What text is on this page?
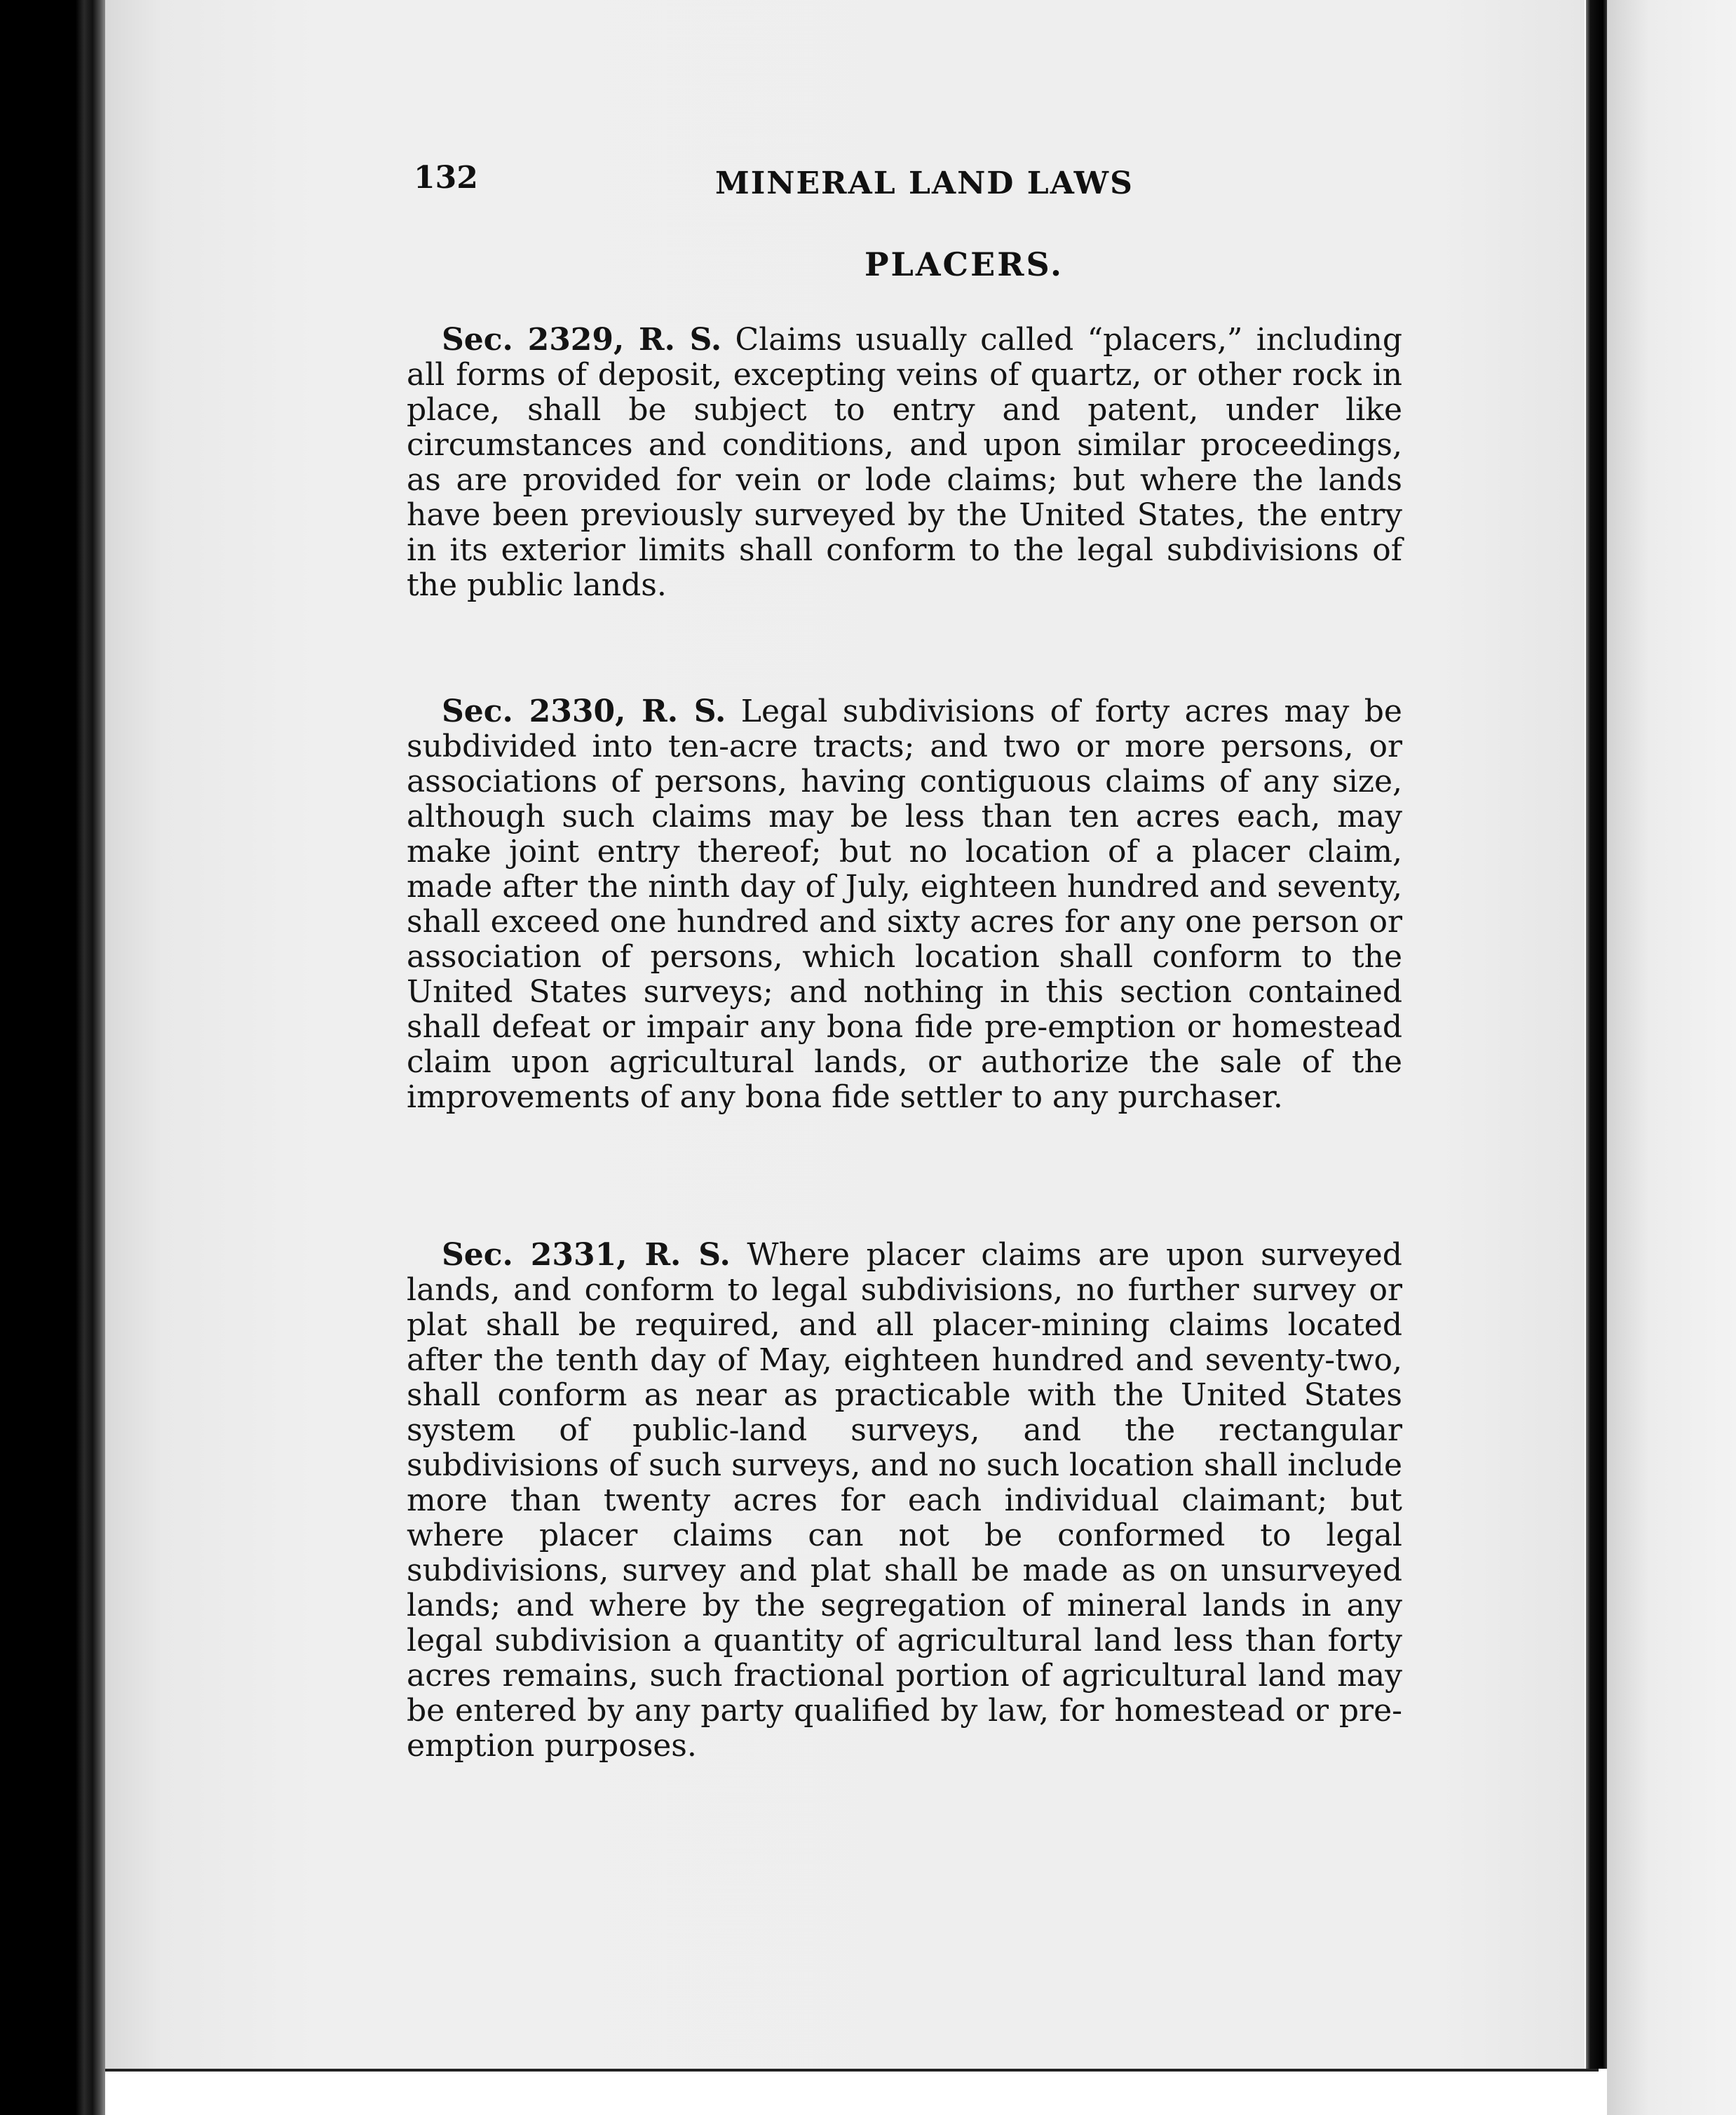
132	MINERAL LAND LAWS
PLACERS.

Sec. 2329, R. S. Claims usually called “placers,” including all forms of deposit, excepting veins of quartz, or other rock in place, shall be subject to entry and patent, under like circumstances and conditions, and upon similar proceedings, as are provided for vein or lode claims; but where the lands have been previously surveyed by the United States, the entry in its exterior limits shall conform to the legal subdivisions of the public lands.

Sec. 2330, R. S. Legal subdivisions of forty acres may be subdivided into ten-acre tracts; and two or more persons, or associations of persons, having contiguous claims of any size, although such claims may be less than ten acres each, may make joint entry thereof; but no location of a placer claim, made after the ninth day of July, eighteen hundred and seventy, shall exceed one hundred and sixty acres for any one person or association of persons, which location shall conform to the United States surveys; and nothing in this section contained shall defeat or impair any bona fide pre-emption or homestead claim upon agricultural lands, or authorize the sale of the improvements of any bona fide settler to any purchaser.

Sec. 2331, R. S. Where placer claims are upon surveyed lands, and conform to legal subdivisions, no further survey or plat shall be required, and all placer-mining claims located after the tenth day of May, eighteen hundred and seventy-two, shall conform as near as practicable with the United States system of public-land surveys, and the rectangular subdivisions of such surveys, and no such location shall include more than twenty acres for each individual claimant; but where placer claims can not be conformed to legal subdivisions, survey and plat shall be made as on unsurveyed lands; and where by the segregation of mineral lands in any legal subdivision a quantity of agricultural land less than forty acres remains, such fractional portion of agricultural land may be entered by any party qualified by law, for homestead or pre-emption purposes.
